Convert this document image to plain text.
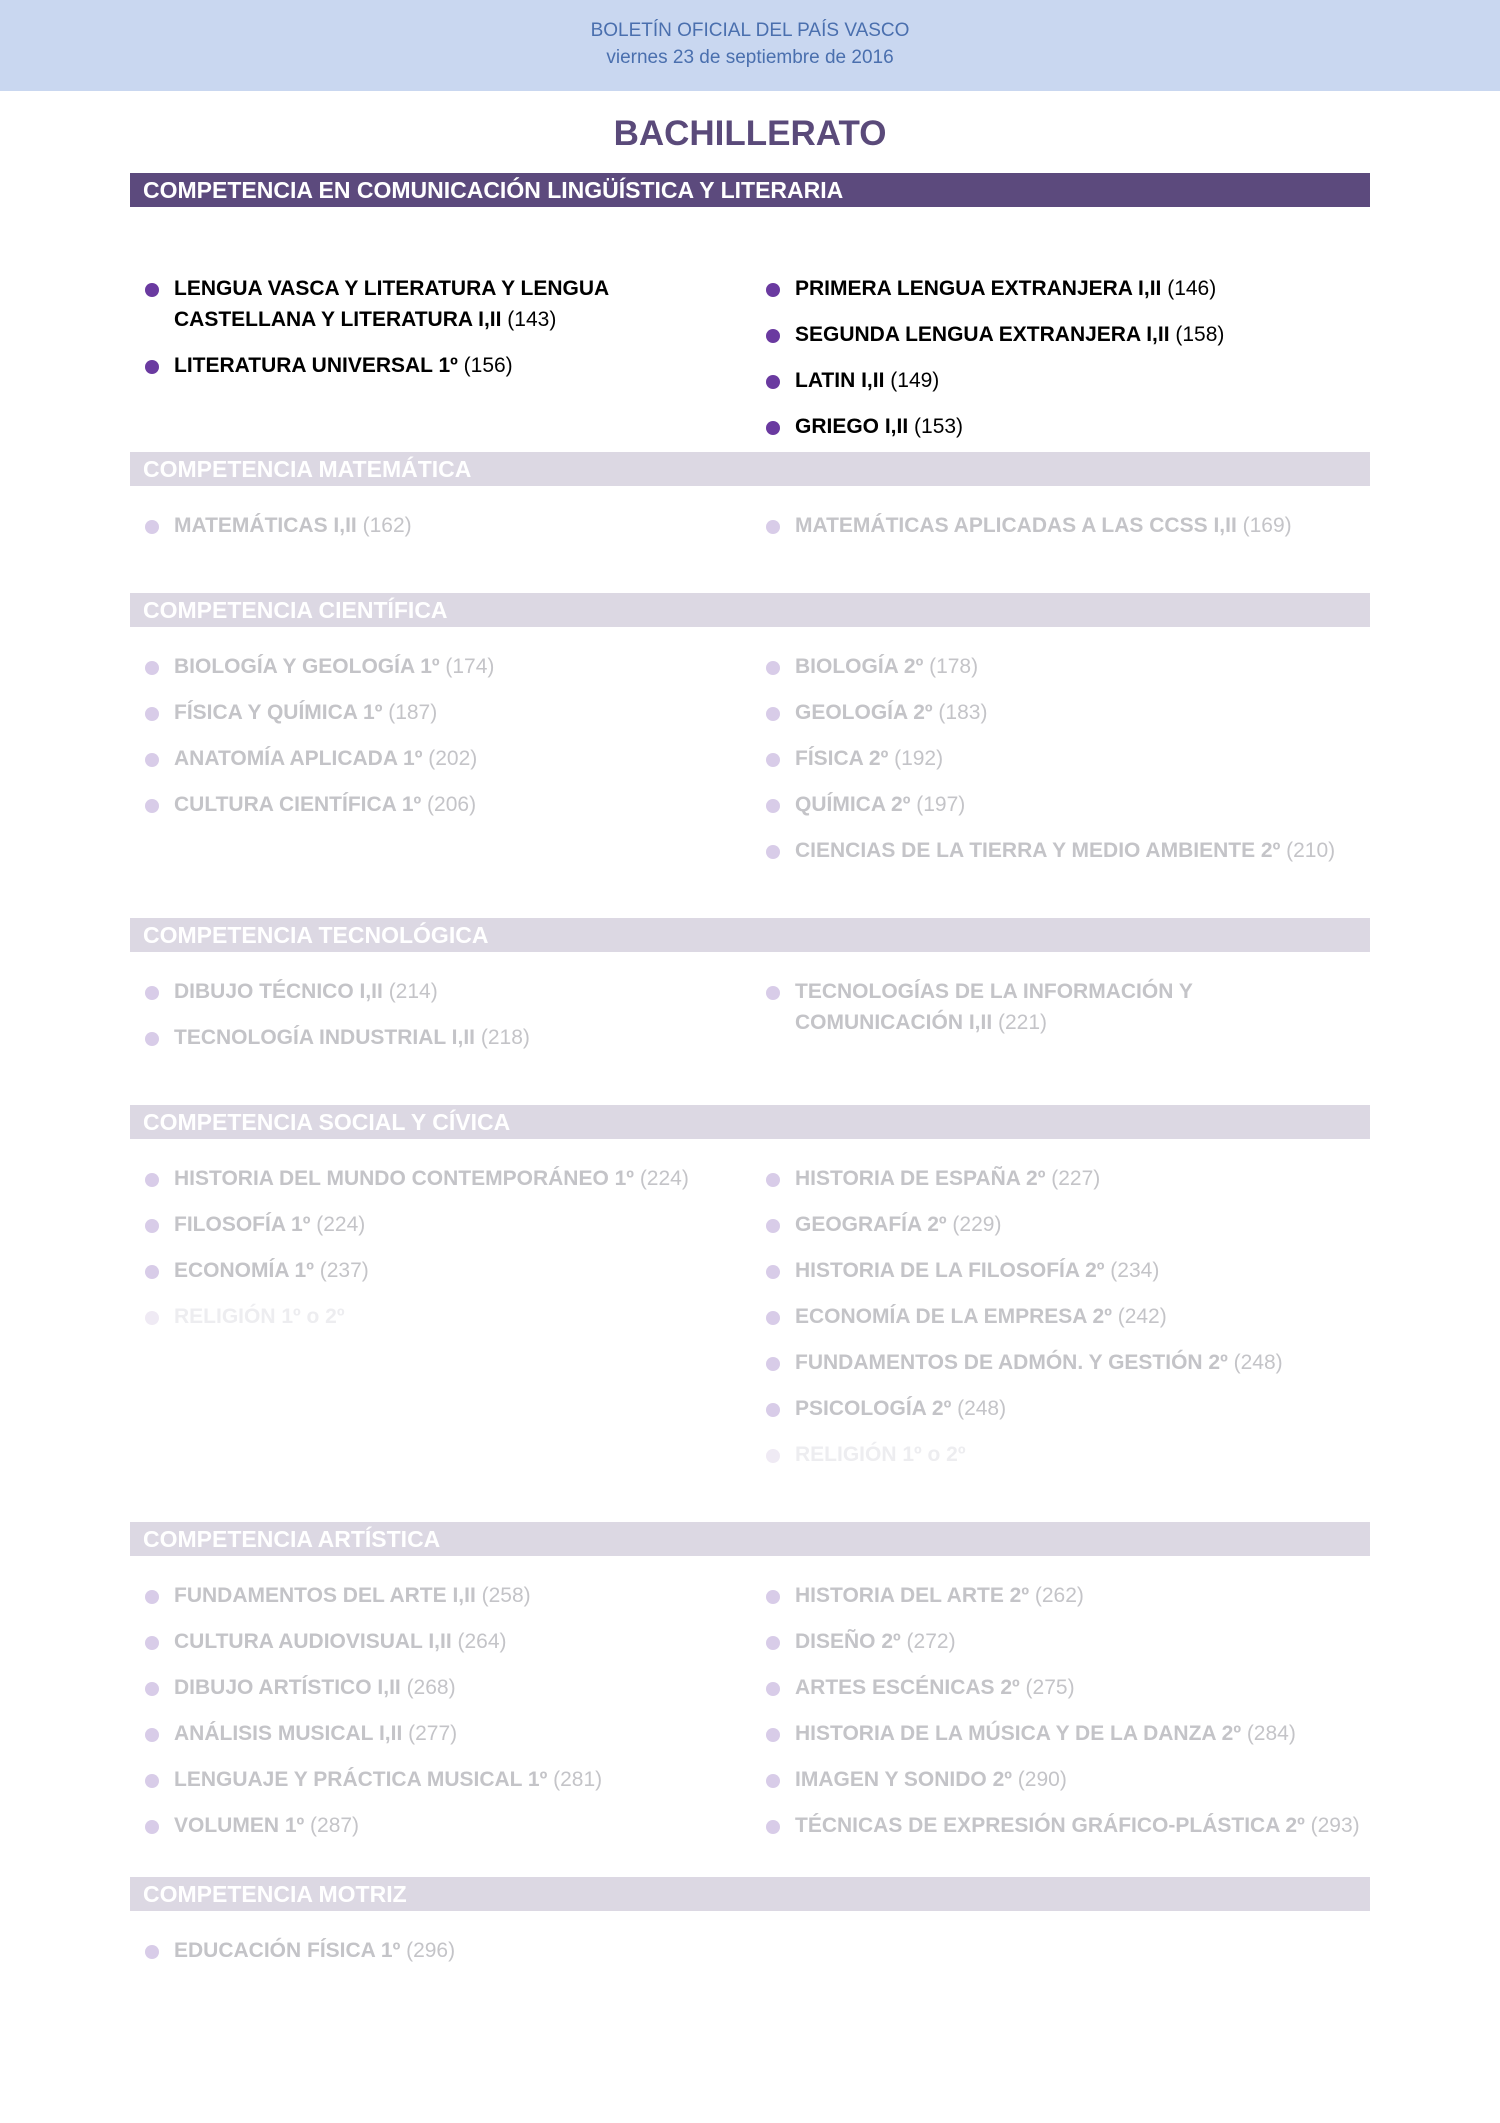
BOLETÍN OFICIAL DEL PAÍS VASCO
viernes 23 de septiembre de 2016
BACHILLERATO
COMPETENCIA EN COMUNICACIÓN LINGÜÍSTICA Y LITERARIA
LENGUA VASCA Y LITERATURA Y LENGUA
CASTELLANA Y LITERATURA I,II (143)
LITERATURA UNIVERSAL 1º (156)
PRIMERA LENGUA EXTRANJERA I,II (146)
SEGUNDA LENGUA EXTRANJERA I,II (158)
LATIN I,II (149)
GRIEGO I,II (153)
COMPETENCIA MATEMÁTICA
MATEMÁTICAS I,II (162)	MATEMÁTICAS APLICADAS A LAS CCSS I,II (169)
COMPETENCIA CIENTÍFICA
BIOLOGÍA Y GEOLOGÍA 1º (174)
FÍSICA Y QUÍMICA 1º (187)
ANATOMÍA APLICADA 1º (202)
CULTURA CIENTÍFICA 1º (206)
BIOLOGÍA 2º (178)
GEOLOGÍA 2º (183)
FÍSICA 2º (192)
QUÍMICA 2º (197)
CIENCIAS DE LA TIERRA Y MEDIO AMBIENTE 2º (210)
COMPETENCIA TECNOLÓGICA
DIBUJO TÉCNICO I,II (214)
TECNOLOGÍA INDUSTRIAL I,II (218)
TECNOLOGÍAS DE LA INFORMACIÓN Y
COMUNICACIÓN I,II (221)
COMPETENCIA SOCIAL Y CÍVICA
HISTORIA DEL MUNDO CONTEMPORÁNEO 1º (224)
FILOSOFÍA 1º (224)
ECONOMÍA 1º (237)
RELIGIÓN 1º o 2º
HISTORIA DE ESPAÑA 2º (227)
GEOGRAFÍA 2º (229)
HISTORIA DE LA FILOSOFÍA 2º (234)
ECONOMÍA DE LA EMPRESA 2º (242)
FUNDAMENTOS DE ADMÓN. Y GESTIÓN 2º (248)
PSICOLOGÍA 2º (248)
RELIGIÓN 1º o 2º
COMPETENCIA ARTÍSTICA
FUNDAMENTOS DEL ARTE I,II (258)
CULTURA AUDIOVISUAL I,II (264)
DIBUJO ARTÍSTICO I,II (268)
ANÁLISIS MUSICAL I,II (277)
LENGUAJE Y PRÁCTICA MUSICAL 1º (281)
VOLUMEN 1º (287)
HISTORIA DEL ARTE 2º (262)
DISEÑO 2º (272)
ARTES ESCÉNICAS 2º (275)
HISTORIA DE LA MÚSICA Y DE LA DANZA 2º (284)
IMAGEN Y SONIDO 2º (290)
TÉCNICAS DE EXPRESIÓN GRÁFICO-PLÁSTICA 2º (293)
COMPETENCIA MOTRIZ
EDUCACIÓN FÍSICA 1º (296)
